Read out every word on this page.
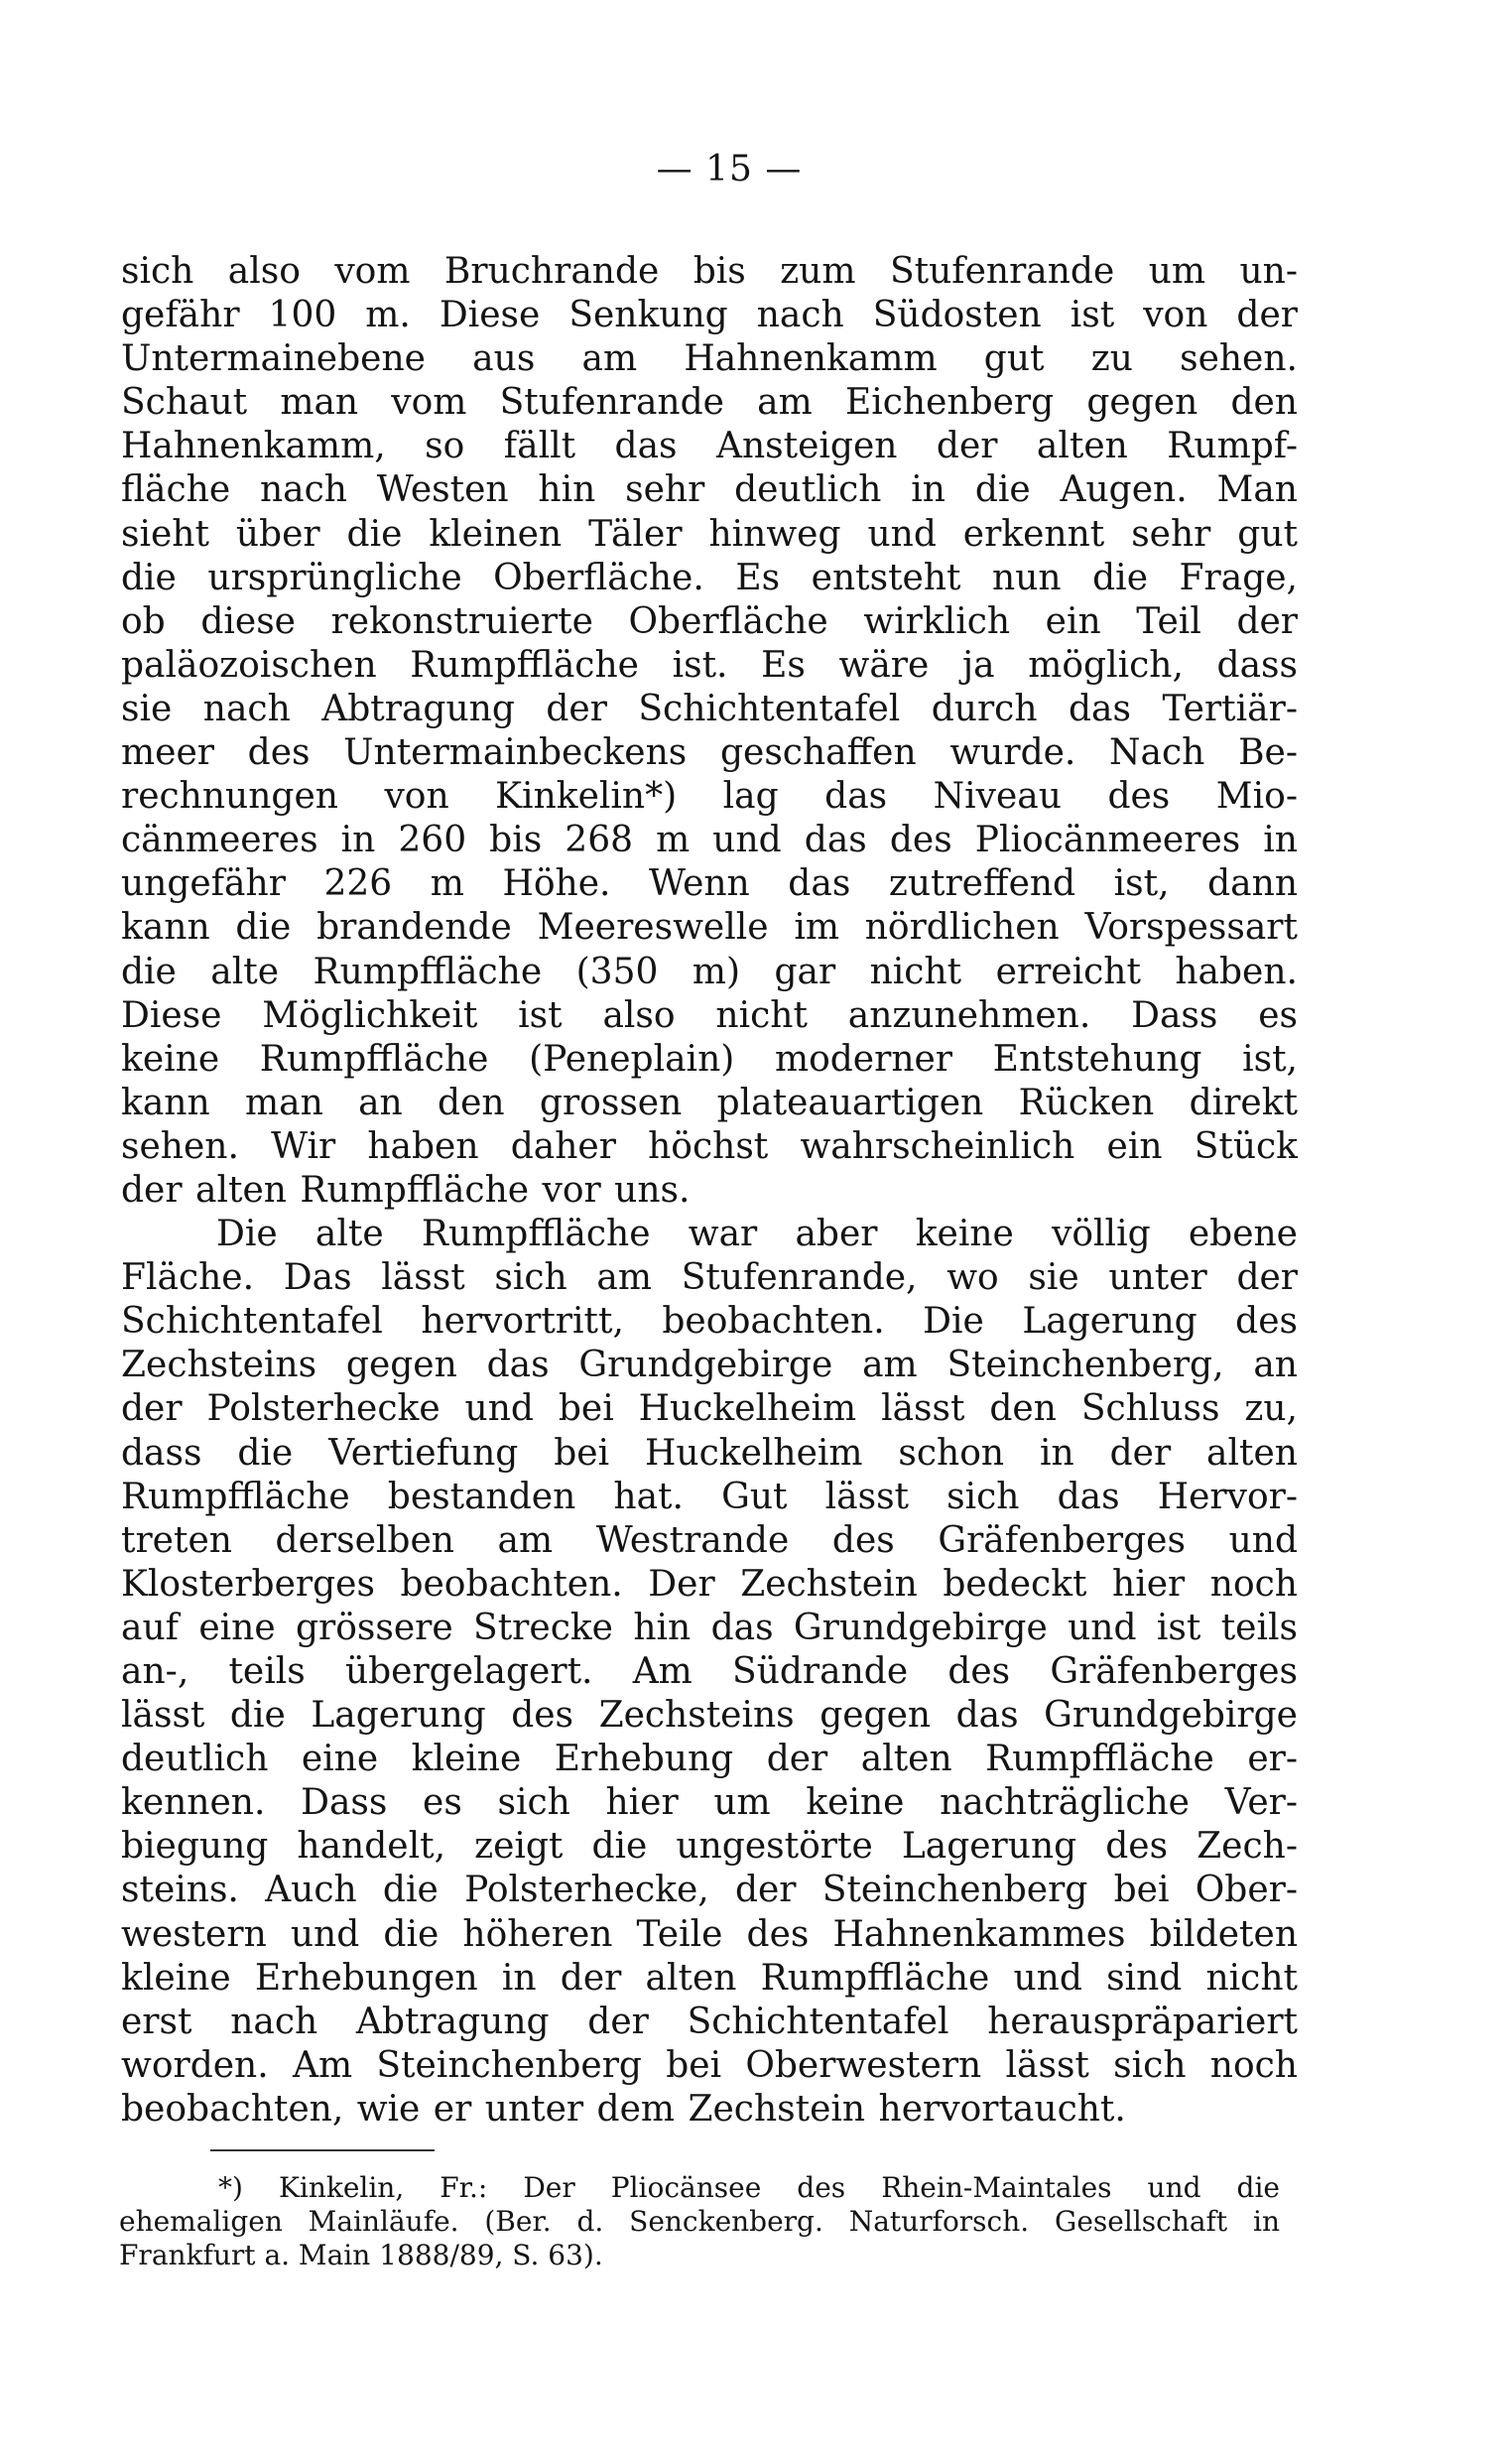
— 15 —
sich also vom Bruchrande bis zum Stufenrande um un-
gefähr 100 m. Diese Senkung nach Südosten ist von der
Untermainebene aus am Hahnenkamm gut zu sehen.
Schaut man vom Stufenrande am Eichenberg gegen den
Hahnenkamm, so fällt das Ansteigen der alten Rumpf-
fläche nach Westen hin sehr deutlich in die Augen. Man
sieht über die kleinen Täler hinweg und erkennt sehr gut
die ursprüngliche Oberfläche. Es entsteht nun die Frage,
ob diese rekonstruierte Oberfläche wirklich ein Teil der
paläozoischen Rumpffläche ist. Es wäre ja möglich, dass
sie nach Abtragung der Schichtentafel durch das Tertiär-
meer des Untermainbeckens geschaffen wurde. Nach Be-
rechnungen von Kinkelin*) lag das Niveau des Mio-
cänmeeres in 260 bis 268 m und das des Pliocänmeeres in
ungefähr 226 m Höhe. Wenn das zutreffend ist, dann
kann die brandende Meereswelle im nördlichen Vorspessart
die alte Rumpffläche (350 m) gar nicht erreicht haben.
Diese Möglichkeit ist also nicht anzunehmen. Dass es
keine Rumpffläche (Peneplain) moderner Entstehung ist,
kann man an den grossen plateauartigen Rücken direkt
sehen. Wir haben daher höchst wahrscheinlich ein Stück
der alten Rumpffläche vor uns.
Die alte Rumpffläche war aber keine völlig ebene
Fläche. Das lässt sich am Stufenrande, wo sie unter der
Schichtentafel hervortritt, beobachten. Die Lagerung des
Zechsteins gegen das Grundgebirge am Steinchenberg, an
der Polsterhecke und bei Huckelheim lässt den Schluss zu,
dass die Vertiefung bei Huckelheim schon in der alten
Rumpffläche bestanden hat. Gut lässt sich das Hervor-
treten derselben am Westrande des Gräfenberges und
Klosterberges beobachten. Der Zechstein bedeckt hier noch
auf eine grössere Strecke hin das Grundgebirge und ist teils
an-, teils übergelagert. Am Südrande des Gräfenberges
lässt die Lagerung des Zechsteins gegen das Grundgebirge
deutlich eine kleine Erhebung der alten Rumpffläche er-
kennen. Dass es sich hier um keine nachträgliche Ver-
biegung handelt, zeigt die ungestörte Lagerung des Zech-
steins. Auch die Polsterhecke, der Steinchenberg bei Ober-
western und die höheren Teile des Hahnenkammes bildeten
kleine Erhebungen in der alten Rumpffläche und sind nicht
erst nach Abtragung der Schichtentafel herauspräpariert
worden. Am Steinchenberg bei Oberwestern lässt sich noch
beobachten, wie er unter dem Zechstein hervortaucht.
*) Kinkelin, Fr.: Der Pliocänsee des Rhein-Maintales und die
ehemaligen Mainläufe. (Ber. d. Senckenberg. Naturforsch. Gesellschaft in
Frankfurt a. Main 1888/89, S. 63).
